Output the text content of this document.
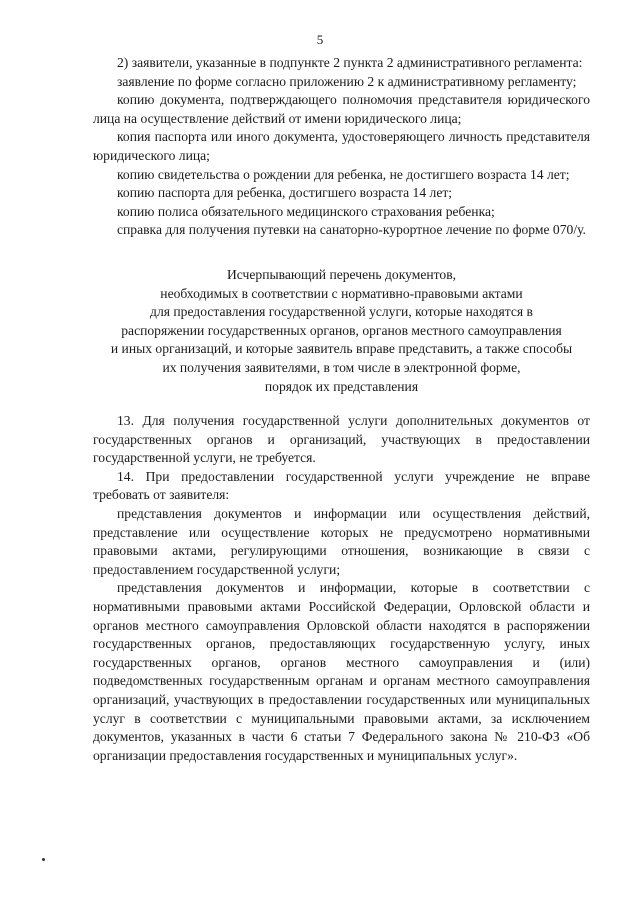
5

2) заявители, указанные в подпункте 2 пункта 2 административного регламента:

заявление по форме согласно приложению 2 к административному регламенту;

копию документа, подтверждающего полномочия представителя юридического лица на осуществление действий от имени юридического лица;

копия паспорта или иного документа, удостоверяющего личность представителя юридического лица;

копию свидетельства о рождении для ребенка, не достигшего возраста 14 лет;

копию паспорта для ребенка, достигшего возраста 14 лет;

копию полиса обязательного медицинского страхования ребенка;

справка для получения путевки на санаторно-курортное лечение по форме 070/у.

Исчерпывающий перечень документов,
необходимых в соответствии с нормативно-правовыми актами
для предоставления государственной услуги, которые находятся в
распоряжении государственных органов, органов местного самоуправления
и иных организаций, и которые заявитель вправе представить, а также способы
их получения заявителями, в том числе в электронной форме,
порядок их представления

13. Для получения государственной услуги дополнительных документов от государственных органов и организаций, участвующих в предоставлении государственной услуги, не требуется.

14. При предоставлении государственной услуги учреждение не вправе требовать от заявителя:

представления документов и информации или осуществления действий, представление или осуществление которых не предусмотрено нормативными правовыми актами, регулирующими отношения, возникающие в связи с предоставлением государственной услуги;

представления документов и информации, которые в соответствии с нормативными правовыми актами Российской Федерации, Орловской области и органов местного самоуправления Орловской области находятся в распоряжении государственных органов, предоставляющих государственную услугу, иных государственных органов, органов местного самоуправления и (или) подведомственных государственным органам и органам местного самоуправления организаций, участвующих в предоставлении государственных или муниципальных услуг в соответствии с муниципальными правовыми актами, за исключением документов, указанных в части 6 статьи 7 Федерального закона № 210-ФЗ «Об организации предоставления государственных и муниципальных услуг».
